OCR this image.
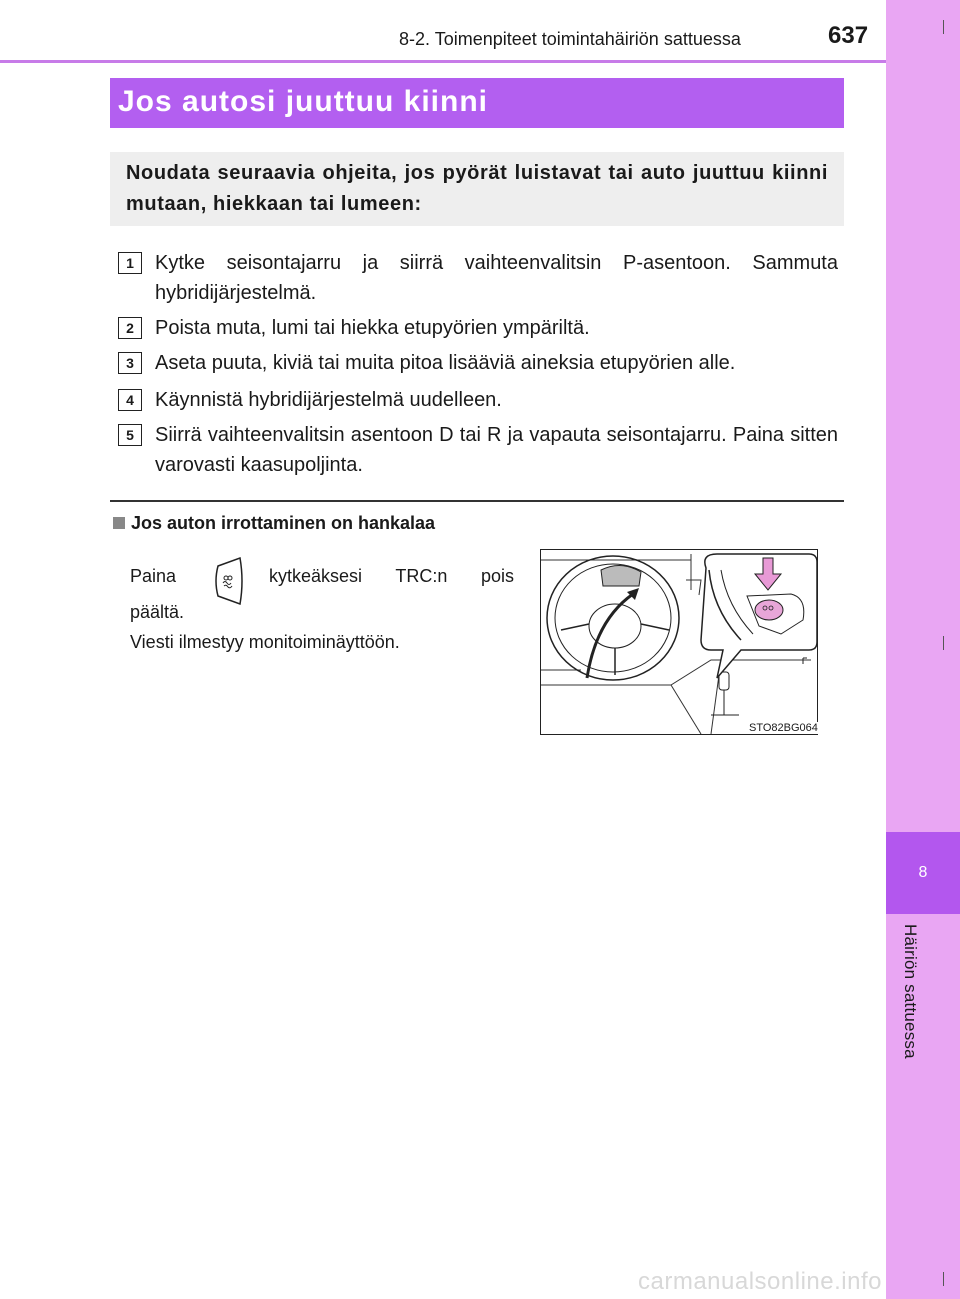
8
Häiriön sattuessa
8-2. Toimenpiteet toimintahäiriön sattuessa	637
Jos autosi juuttuu kiinni
Noudata seuraavia ohjeita, jos pyörät luistavat tai auto juuttuu kiinni mutaan, hiekkaan tai lumeen:
1	Kytke seisontajarru ja siirrä vaihteenvalitsin P-asentoon. Sammuta hybridijärjestelmä.
2	Poista muta, lumi tai hiekka etupyörien ympäriltä.
3	Aseta puuta, kiviä tai muita pitoa lisääviä aineksia etupyörien alle.
4	Käynnistä hybridijärjestelmä uudelleen.
5	Siirrä vaihteenvalitsin asentoon D tai R ja vapauta seisontajarru. Paina sitten varovasti kaasupoljinta.
Jos auton irrottaminen on hankalaa
Paina	kytkeäksesi TRC:n pois
päältä.
Viesti ilmestyy monitoiminäyttöön.
STO82BG064
carmanualsonline.info
